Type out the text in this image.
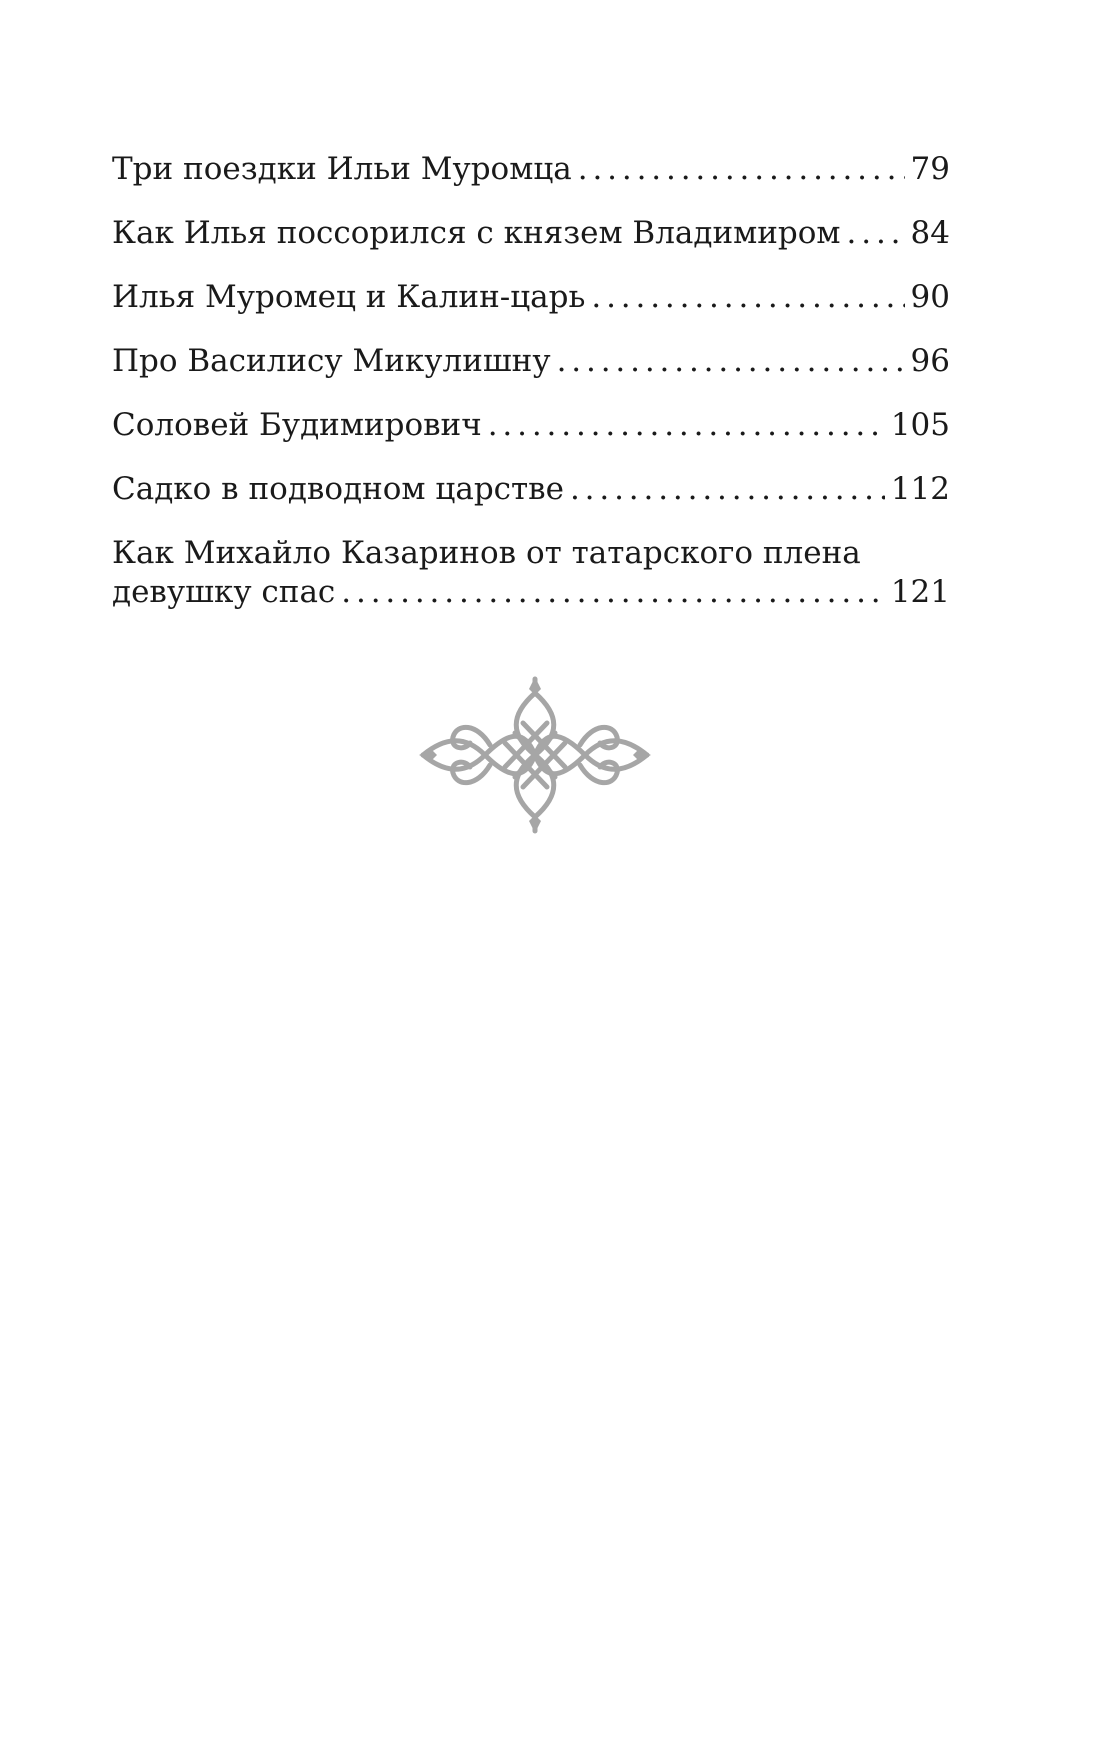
Три поездки Ильи Муромца . . .	79
Как Илья поссорился с князем Владимиром . . . 84
Илья Муромец и Калин-царь . . .	90
Про Василису Микулишну . . .	96
Соловей Будимирович . . .	105
Садко в подводном царстве . . .	112
Как Михайло Казаринов от татарского плена
девушку спас . . .	121
